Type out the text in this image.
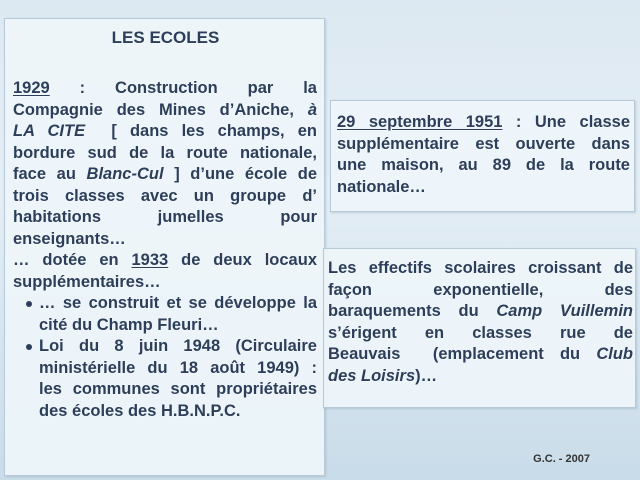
LES ECOLES
1929 : Construction par la
Compagnie des Mines d’Aniche, à
LA CITE  [ dans les champs, en
bordure sud de la route nationale,
face au Blanc-Cul ] d’une école de
trois classes avec un groupe d’
habitations jumelles pour
enseignants…
… dotée en 1933 de deux locaux
supplémentaires…
… se construit et se développe la
cité du Champ Fleuri…
Loi du 8 juin 1948 (Circulaire
ministérielle du 18 août 1949) :
les communes sont propriétaires
des écoles des H.B.N.P.C.
29 septembre 1951 : Une classe
supplémentaire est ouverte dans
une maison, au 89 de la route
nationale…
Les effectifs scolaires croissant de
façon exponentielle, des
baraquements du Camp Vuillemin
s’érigent en classes rue de
Beauvais  (emplacement du Club
des Loisirs)…
G.C. - 2007
